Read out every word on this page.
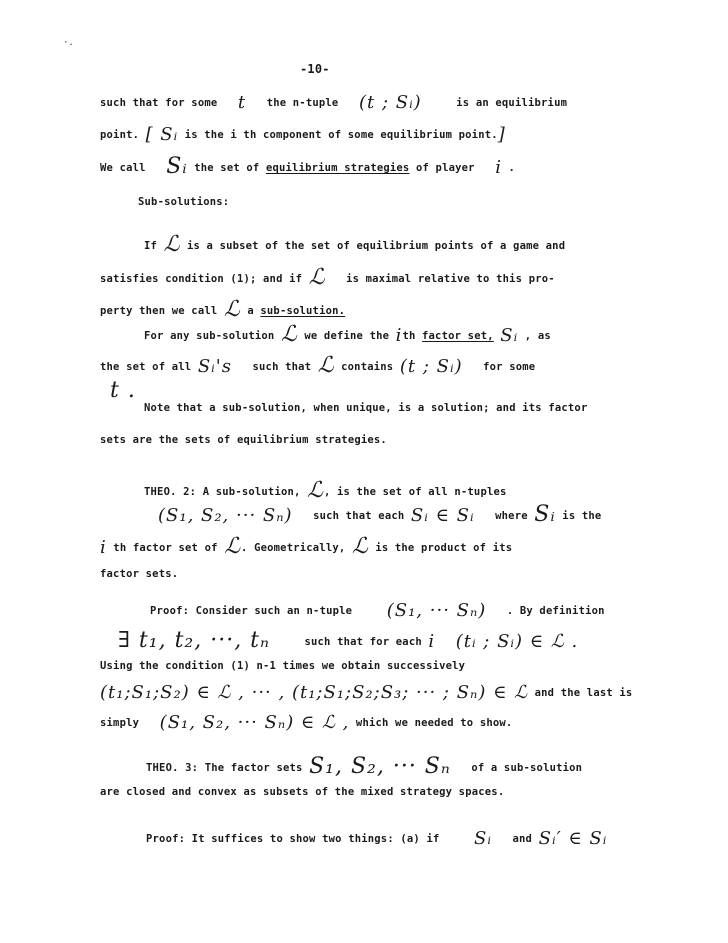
·.
-10-
such that for some t the n-tuple (t ; Sᵢ)	is an equilibrium
point. [ Sᵢ is the i th component of some equilibrium point.]
We call Sᵢ the set of equilibrium strategies of player i .
Sub-solutions:
If ℒ is a subset of the set of equilibrium points of a game and
satisfies condition (1); and if ℒ is maximal relative to this pro-
perty then we call ℒ a sub-solution.
For any sub-solution ℒ we define the ith factor set, Sᵢ , as
the set of all Sᵢ's such that ℒ contains (t ; Sᵢ) for some
t .
Note that a sub-solution, when unique, is a solution; and its factor
sets are the sets of equilibrium strategies.
THEO. 2: A sub-solution, ℒ, is the set of all n-tuples
(S₁, S₂, ··· Sₙ) such that each Sᵢ ∈ Sᵢ where Sᵢ is the
i th factor set of ℒ. Geometrically, ℒ is the product of its
factor sets.
Proof: Consider such an n-tuple (S₁, ··· Sₙ) . By definition
∃ t₁, t₂, ···, tₙ	such that for each i (tᵢ ; Sᵢ) ∈ ℒ .
Using the condition (1) n-1 times we obtain successively
(t₁;S₁;S₂) ∈ ℒ , ··· , (t₁;S₁;S₂;S₃; ··· ; Sₙ) ∈ ℒ and the last is
simply (S₁, S₂, ··· Sₙ) ∈ ℒ , which we needed to show.
THEO. 3: The factor sets S₁, S₂, ··· Sₙ of a sub-solution
are closed and convex as subsets of the mixed strategy spaces.
Proof: It suffices to show two things: (a) if Sᵢ and Sᵢ′ ∈ Sᵢ
